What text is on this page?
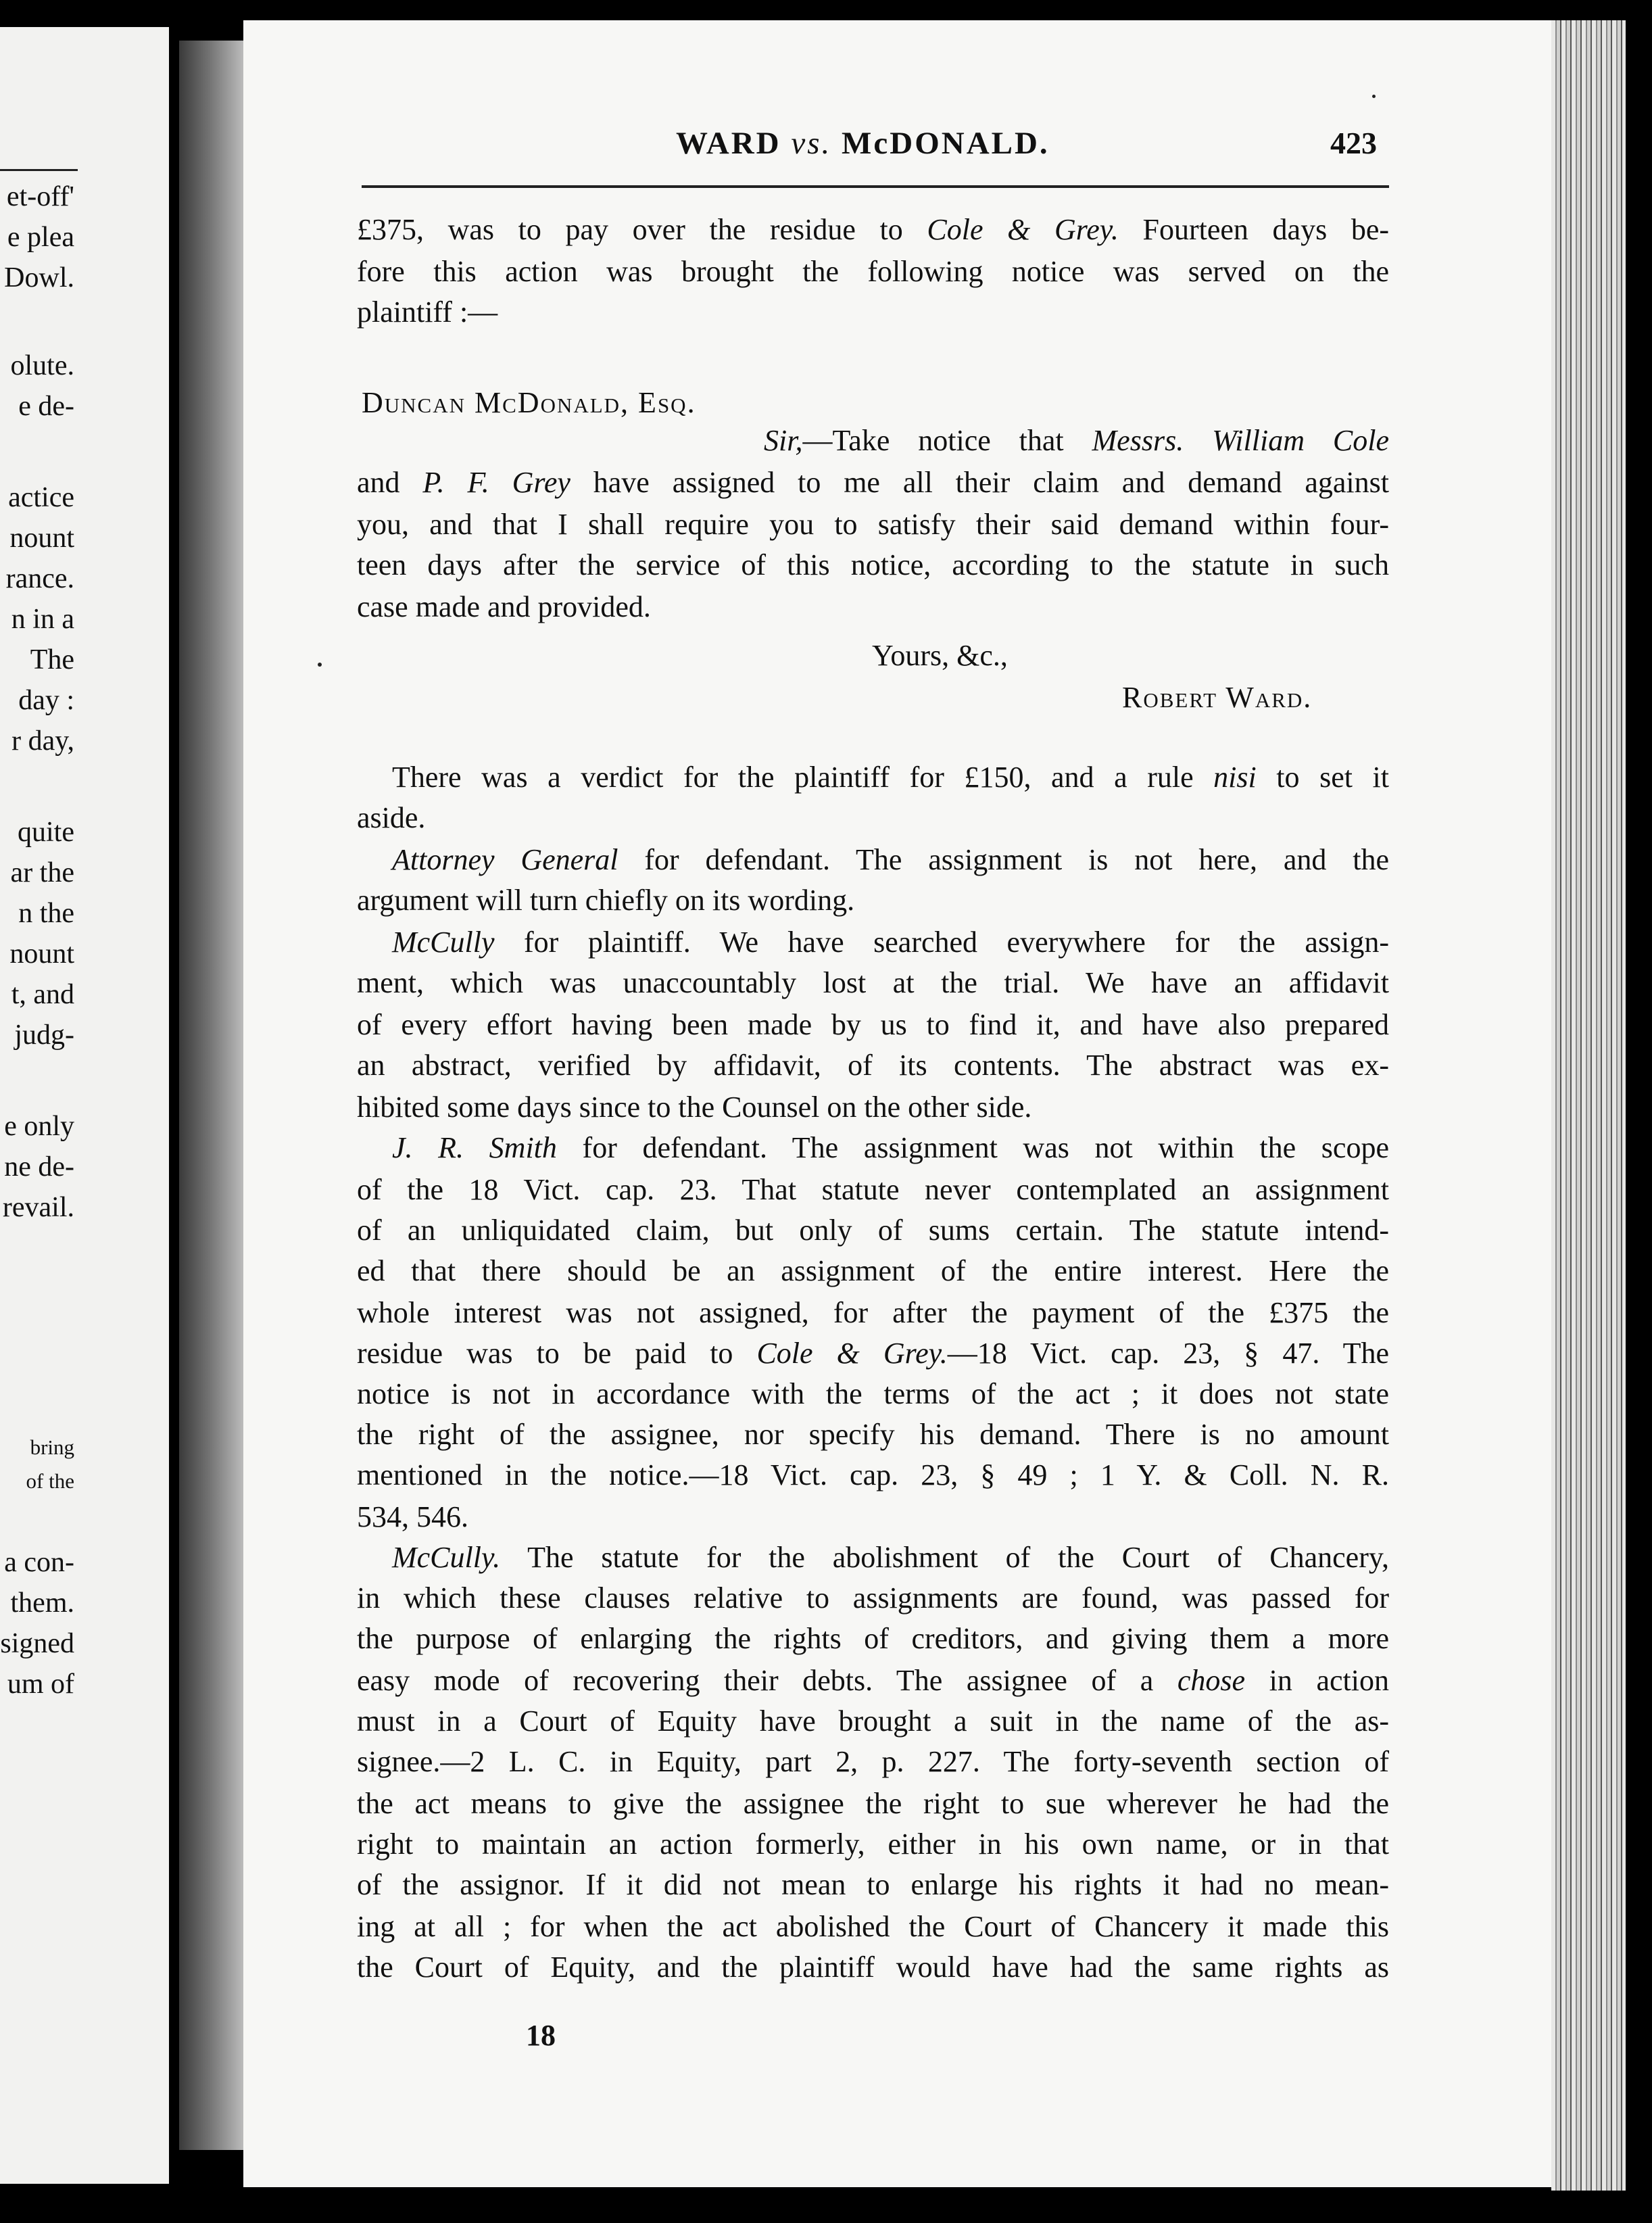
et-off'
e plea
Dowl.
olute.
e de-
actice
nount
rance.
n in a
The
day :
r day,
quite
ar the
n the
nount
t, and
judg-
e only
ne de-
revail.
bring
of the
a con-
them.
signed
um of
WARD vs. McDONALD.	423
£375, was to pay over the residue to Cole & Grey. Fourteen days be-
fore this action was brought the following notice was served on the
plaintiff :—
Duncan McDonald, Esq.
Sir,—Take notice that Messrs. William Cole
and P. F. Grey have assigned to me all their claim and demand against
you, and that I shall require you to satisfy their said demand within four-
teen days after the service of this notice, according to the statute in such
case made and provided.
Yours, &c.,
Robert Ward.
There was a verdict for the plaintiff for £150, and a rule nisi to set it
aside.
Attorney General for defendant. The assignment is not here, and the
argument will turn chiefly on its wording.
McCully for plaintiff. We have searched everywhere for the assign-
ment, which was unaccountably lost at the trial. We have an affidavit
of every effort having been made by us to find it, and have also prepared
an abstract, verified by affidavit, of its contents. The abstract was ex-
hibited some days since to the Counsel on the other side.
J. R. Smith for defendant. The assignment was not within the scope
of the 18 Vict. cap. 23. That statute never contemplated an assignment
of an unliquidated claim, but only of sums certain. The statute intend-
ed that there should be an assignment of the entire interest. Here the
whole interest was not assigned, for after the payment of the £375 the
residue was to be paid to Cole & Grey.—18 Vict. cap. 23, § 47. The
notice is not in accordance with the terms of the act ; it does not state
the right of the assignee, nor specify his demand. There is no amount
mentioned in the notice.—18 Vict. cap. 23, § 49 ; 1 Y. & Coll. N. R.
534, 546.
McCully. The statute for the abolishment of the Court of Chancery,
in which these clauses relative to assignments are found, was passed for
the purpose of enlarging the rights of creditors, and giving them a more
easy mode of recovering their debts. The assignee of a chose in action
must in a Court of Equity have brought a suit in the name of the as-
signee.—2 L. C. in Equity, part 2, p. 227. The forty-seventh section of
the act means to give the assignee the right to sue wherever he had the
right to maintain an action formerly, either in his own name, or in that
of the assignor. If it did not mean to enlarge his rights it had no mean-
ing at all ; for when the act abolished the Court of Chancery it made this
the Court of Equity, and the plaintiff would have had the same rights as
18
